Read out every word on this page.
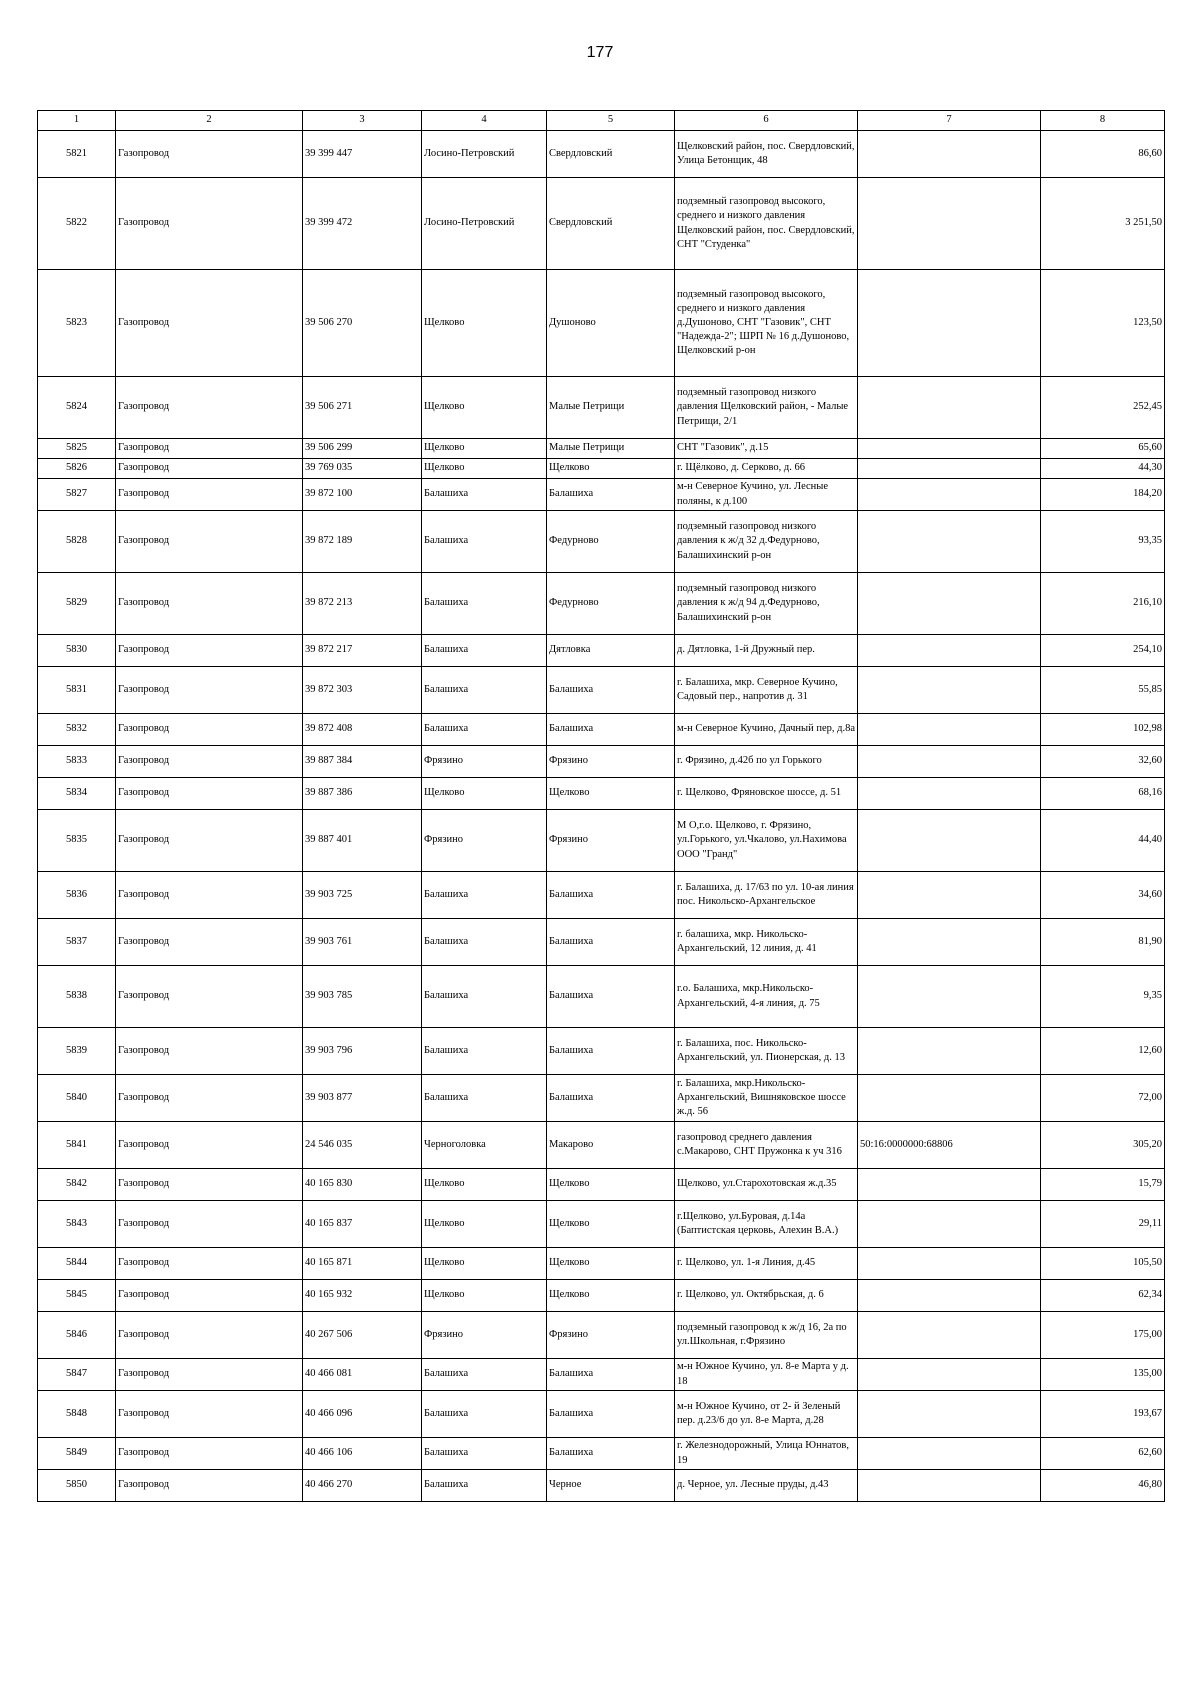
177
1	2	3	4	5	6	7	8
5821	Газопровод	39 399 447	Лосино-Петровский	Свердловский	Щелковский район, пос. Свердловский, Улица Бетонщик, 48		86,60
5822	Газопровод	39 399 472	Лосино-Петровский	Свердловский	подземный газопровод высокого, среднего и низкого давления Щелковский район, пос. Свердловский, СНТ "Студенка"		3 251,50
5823	Газопровод	39 506 270	Щелково	Душоново	подземный газопровод высокого, среднего и низкого давления д.Душоново, СНТ "Газовик", СНТ "Надежда-2"; ШРП № 16 д.Душоново, Щелковский р-он		123,50
5824	Газопровод	39 506 271	Щелково	Малые Петрищи	подземный газопровод низкого давления Щелковский район, - Малые Петрищи, 2/1		252,45
5825	Газопровод	39 506 299	Щелково	Малые Петрищи	СНТ "Газовик", д.15		65,60
5826	Газопровод	39 769 035	Щелково	Щелково	г. Щёлково, д. Серково, д. 66		44,30
5827	Газопровод	39 872 100	Балашиха	Балашиха	м-н Северное Кучино, ул. Лесные поляны, к д.100		184,20
5828	Газопровод	39 872 189	Балашиха	Федурново	подземный газопровод низкого давления к ж/д 32 д.Федурново, Балашихинский р-он		93,35
5829	Газопровод	39 872 213	Балашиха	Федурново	подземный газопровод низкого давления к ж/д 94 д.Федурново, Балашихинский р-он		216,10
5830	Газопровод	39 872 217	Балашиха	Дятловка	д. Дятловка, 1-й Дружный пер.		254,10
5831	Газопровод	39 872 303	Балашиха	Балашиха	г. Балашиха, мкр. Северное Кучино, Садовый пер., напротив д. 31		55,85
5832	Газопровод	39 872 408	Балашиха	Балашиха	м-н Северное Кучино, Дачный пер, д.8а		102,98
5833	Газопровод	39 887 384	Фрязино	Фрязино	г. Фрязино, д.42б по ул Горького		32,60
5834	Газопровод	39 887 386	Щелково	Щелково	г. Щелково, Фряновское шоссе, д. 51		68,16
5835	Газопровод	39 887 401	Фрязино	Фрязино	М О,г.о. Щелково, г. Фрязино, ул.Горького, ул.Чкалово, ул.Нахимова ООО "Гранд"		44,40
5836	Газопровод	39 903 725	Балашиха	Балашиха	г. Балашиха, д. 17/63 по ул. 10-ая линия пос. Никольско-Архангельское		34,60
5837	Газопровод	39 903 761	Балашиха	Балашиха	г. балашиха, мкр. Никольско-Архангельский, 12 линия, д. 41		81,90
5838	Газопровод	39 903 785	Балашиха	Балашиха	г.о. Балашиха, мкр.Никольско-Архангельский, 4-я линия, д. 75		9,35
5839	Газопровод	39 903 796	Балашиха	Балашиха	г. Балашиха, пос. Никольско-Архангельский, ул. Пионерская, д. 13		12,60
5840	Газопровод	39 903 877	Балашиха	Балашиха	г. Балашиха, мкр.Никольско-Архангельский, Вишняковское шоссе ж.д. 56		72,00
5841	Газопровод	24 546 035	Черноголовка	Макарово	газопровод среднего давления с.Макарово, СНТ Пружонка к уч 316	50:16:0000000:68806	305,20
5842	Газопровод	40 165 830	Щелково	Щелково	Щелково, ул.Старохотовская ж.д.35		15,79
5843	Газопровод	40 165 837	Щелково	Щелково	г.Щелково, ул.Буровая, д.14а (Баптистская церковь, Алехин В.А.)		29,11
5844	Газопровод	40 165 871	Щелково	Щелково	г. Щелково, ул. 1-я Линия, д.45		105,50
5845	Газопровод	40 165 932	Щелково	Щелково	г. Щелково, ул. Октябрьская, д. 6		62,34
5846	Газопровод	40 267 506	Фрязино	Фрязино	подземный газопровод к ж/д 16, 2а по ул.Школьная, г.Фрязино		175,00
5847	Газопровод	40 466 081	Балашиха	Балашиха	м-н Южное Кучино, ул. 8-е Марта у д. 18		135,00
5848	Газопровод	40 466 096	Балашиха	Балашиха	м-н Южное Кучино, от 2- й Зеленый пер. д.23/6 до ул. 8-е Марта, д.28		193,67
5849	Газопровод	40 466 106	Балашиха	Балашиха	г. Железнодорожный, Улица Юннатов, 19		62,60
5850	Газопровод	40 466 270	Балашиха	Черное	д. Черное, ул. Лесные пруды, д.43		46,80
